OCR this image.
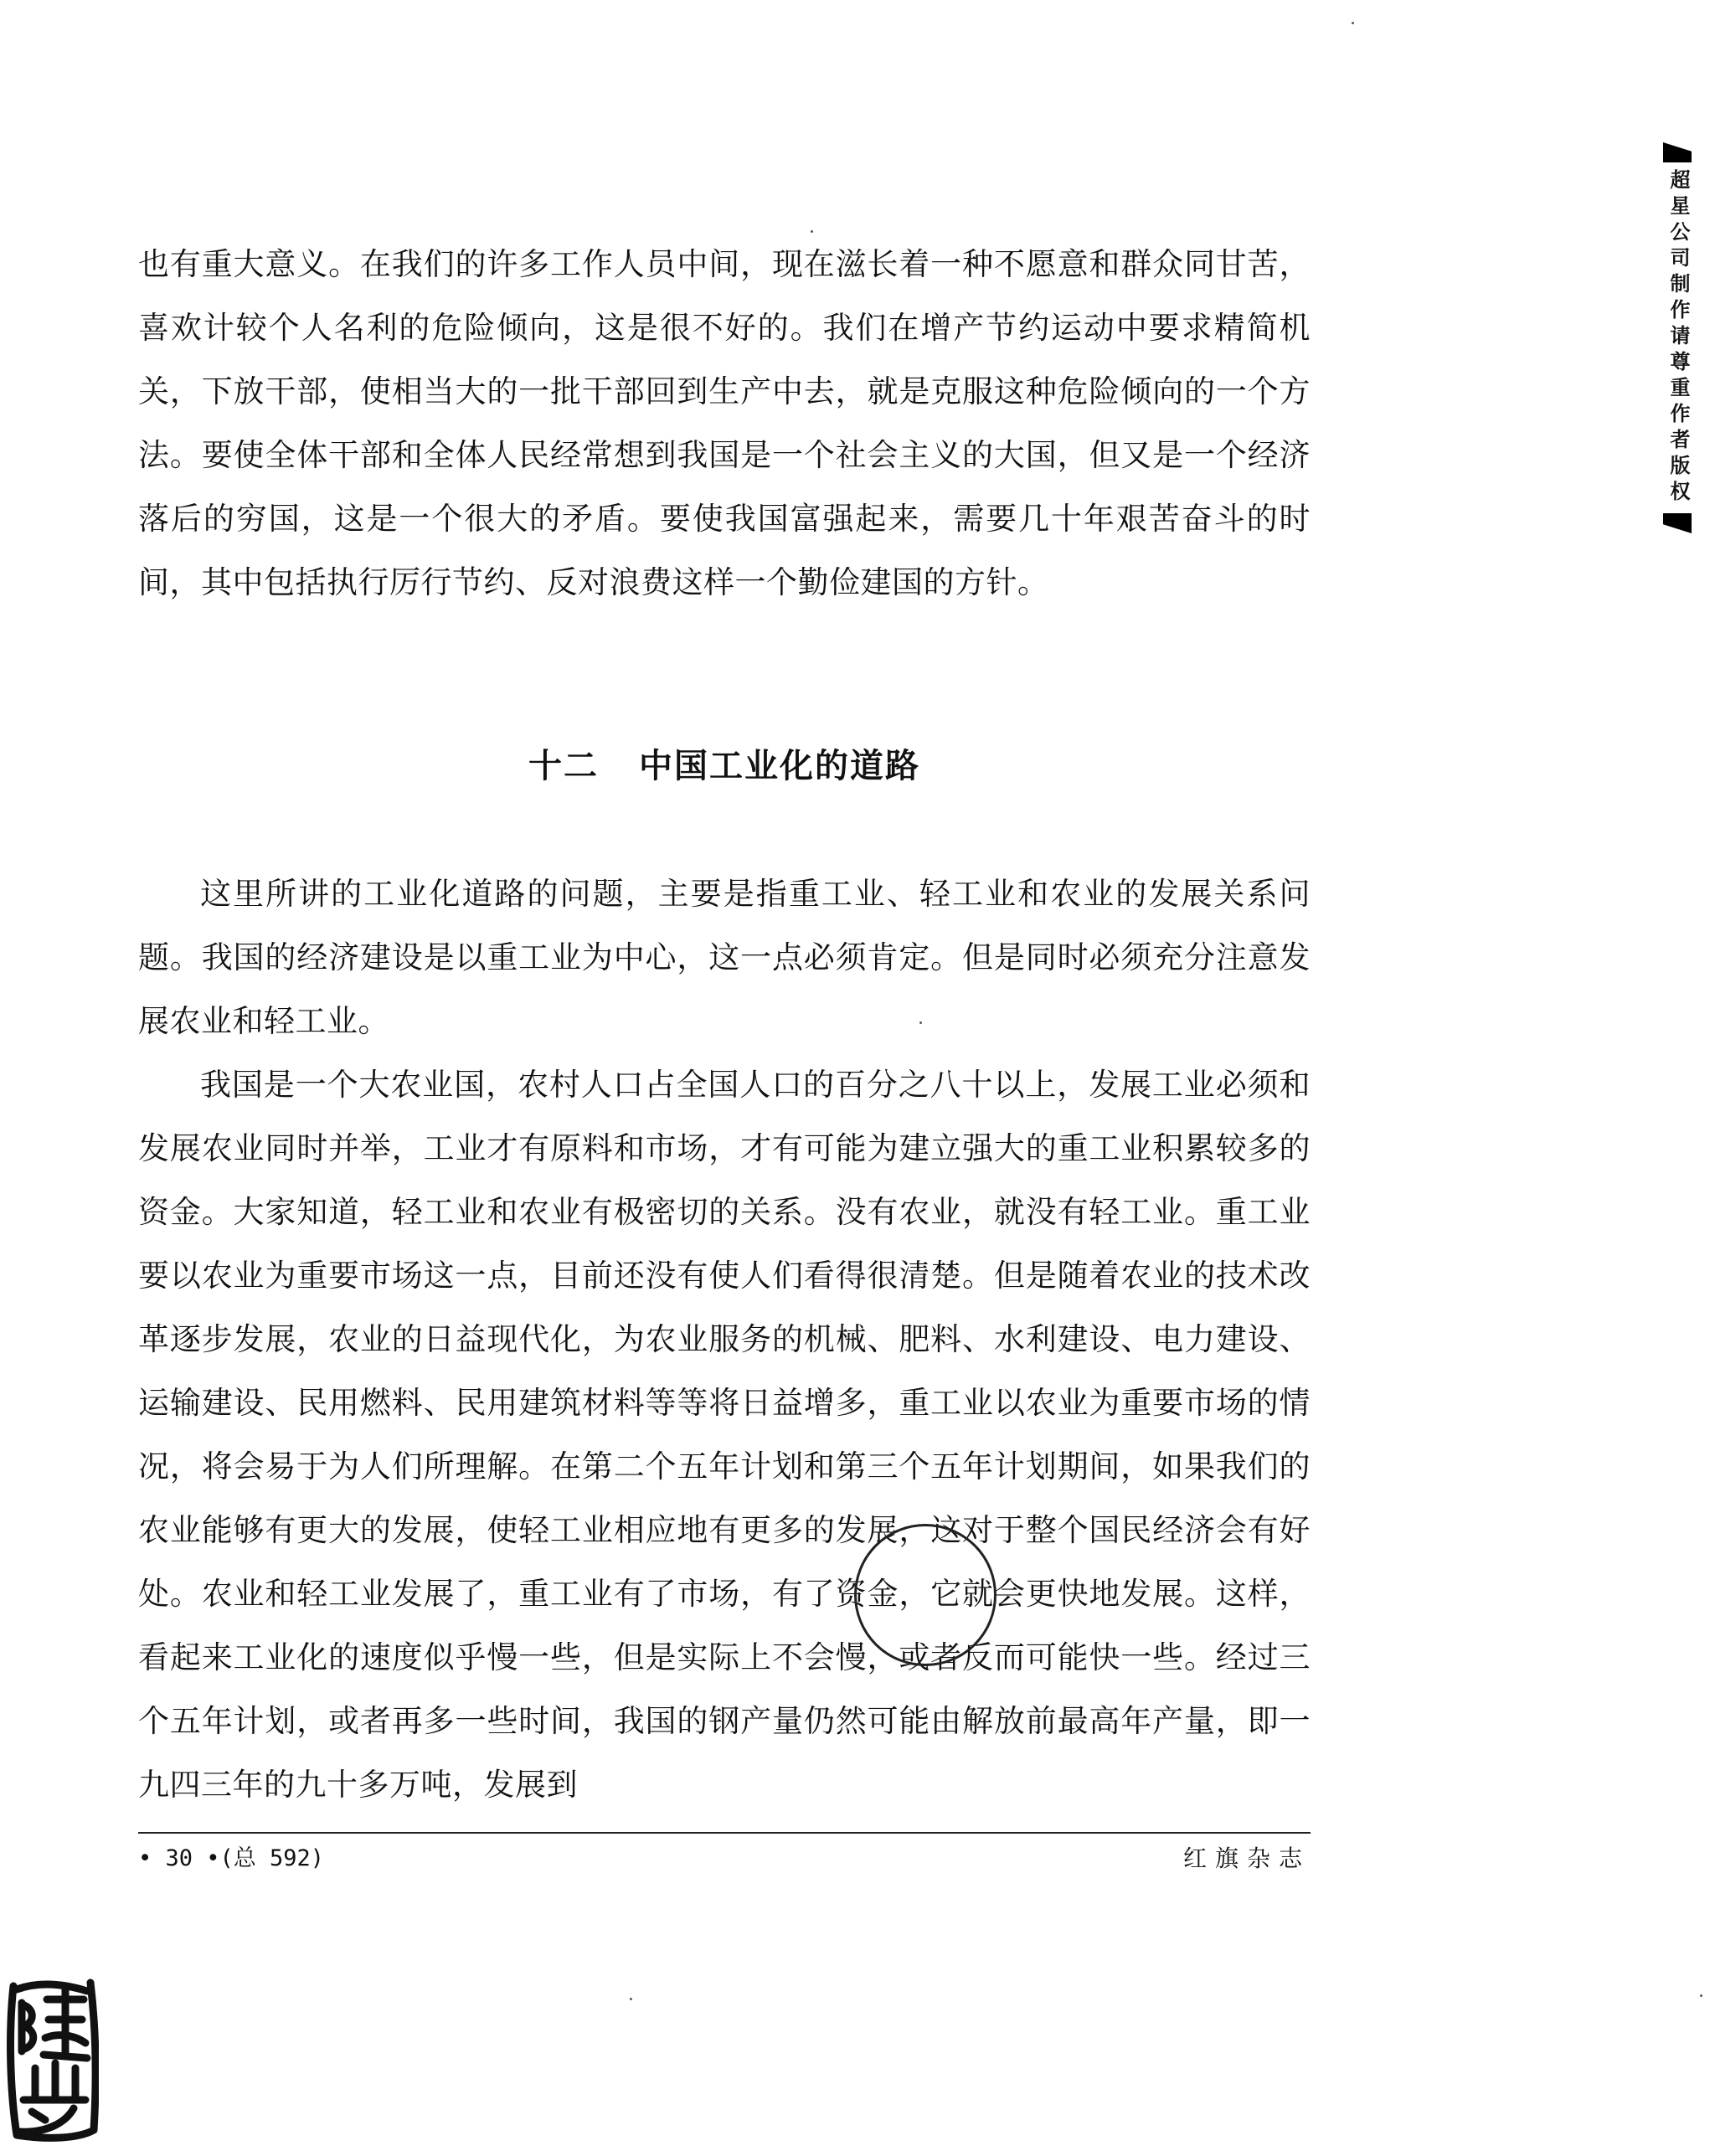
也有重大意义。在我们的许多工作人员中间，现在滋长着一种不愿意和群众同甘苦，喜欢计较个人名利的危险倾向，这是很不好的。我们在增产节约运动中要求精简机关，下放干部，使相当大的一批干部回到生产中去，就是克服这种危险倾向的一个方法。要使全体干部和全体人民经常想到我国是一个社会主义的大国，但又是一个经济落后的穷国，这是一个很大的矛盾。要使我国富强起来，需要几十年艰苦奋斗的时间，其中包括执行厉行节约、反对浪费这样一个勤俭建国的方针。

十二 中国工业化的道路

这里所讲的工业化道路的问题，主要是指重工业、轻工业和农业的发展关系问题。我国的经济建设是以重工业为中心，这一点必须肯定。但是同时必须充分注意发展农业和轻工业。

我国是一个大农业国，农村人口占全国人口的百分之八十以上，发展工业必须和发展农业同时并举，工业才有原料和市场，才有可能为建立强大的重工业积累较多的资金。大家知道，轻工业和农业有极密切的关系。没有农业，就没有轻工业。重工业要以农业为重要市场这一点，目前还没有使人们看得很清楚。但是随着农业的技术改革逐步发展，农业的日益现代化，为农业服务的机械、肥料、水利建设、电力建设、运输建设、民用燃料、民用建筑材料等等将日益增多，重工业以农业为重要市场的情况，将会易于为人们所理解。在第二个五年计划和第三个五年计划期间，如果我们的农业能够有更大的发展，使轻工业相应地有更多的发展，这对于整个国民经济会有好处。农业和轻工业发展了，重工业有了市场，有了资金，它就会更快地发展。这样，看起来工业化的速度似乎慢一些，但是实际上不会慢，或者反而可能快一些。经过三个五年计划，或者再多一些时间，我国的钢产量仍然可能由解放前最高年产量，即一九四三年的九十多万吨，发展到

• 30 •(总 592)	红旗杂志
超星公司制作请尊重作者版权
